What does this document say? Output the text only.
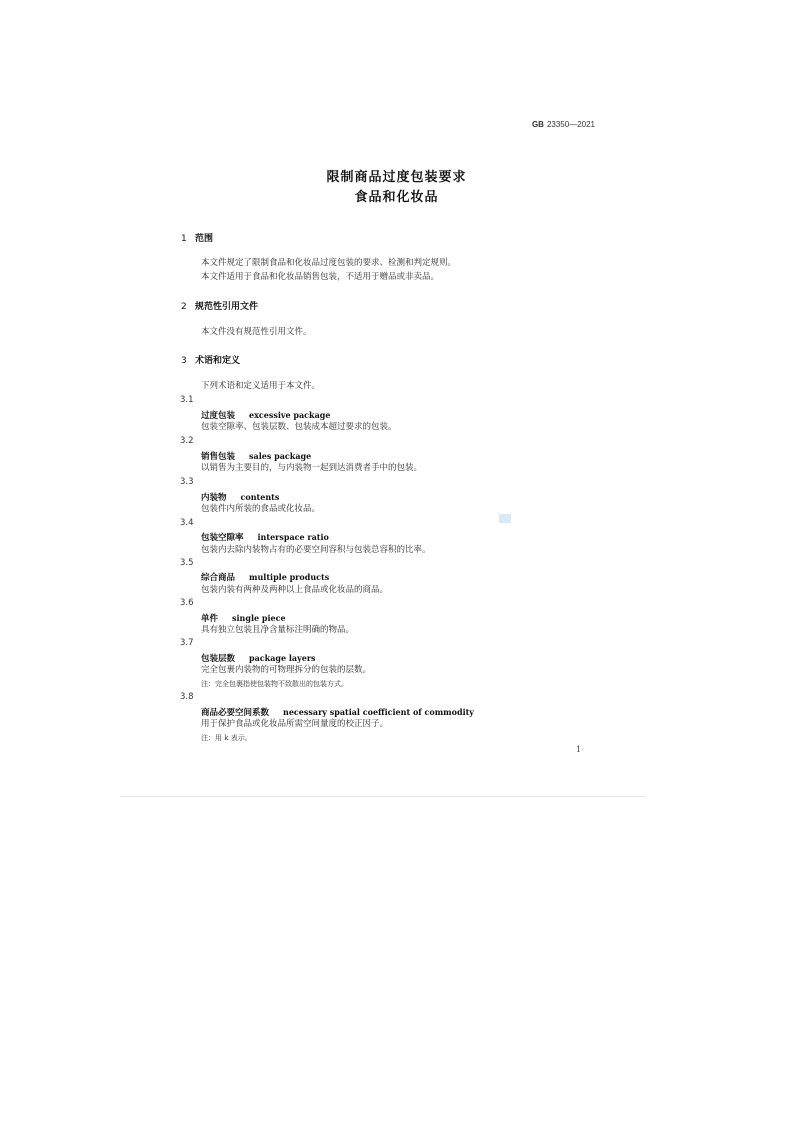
GB 23350—2021
限制商品过度包装要求
食品和化妆品
1 范围
本文件规定了限制食品和化妆品过度包装的要求、检测和判定规则。
本文件适用于食品和化妆品销售包装，不适用于赠品或非卖品。
2 规范性引用文件
本文件没有规范性引用文件。
3 术语和定义
下列术语和定义适用于本文件。
3.1
过度包装 excessive package
包装空隙率、包装层数、包装成本超过要求的包装。
3.2
销售包装 sales package
以销售为主要目的，与内装物一起到达消费者手中的包装。
3.3
内装物 contents
包装件内所装的食品或化妆品。
3.4
包装空隙率 interspace ratio
包装内去除内装物占有的必要空间容积与包装总容积的比率。
3.5
综合商品 multiple products
包装内装有两种及两种以上食品或化妆品的商品。
3.6
单件 single piece
具有独立包装且净含量标注明确的物品。
3.7
包装层数 package layers
完全包裹内装物的可物理拆分的包装的层数。
注：完全包裹指使包装物不致散出的包装方式。
3.8
商品必要空间系数 necessary spatial coefficient of commodity
用于保护食品或化妆品所需空间量度的校正因子。
注：用 k 表示。
1
